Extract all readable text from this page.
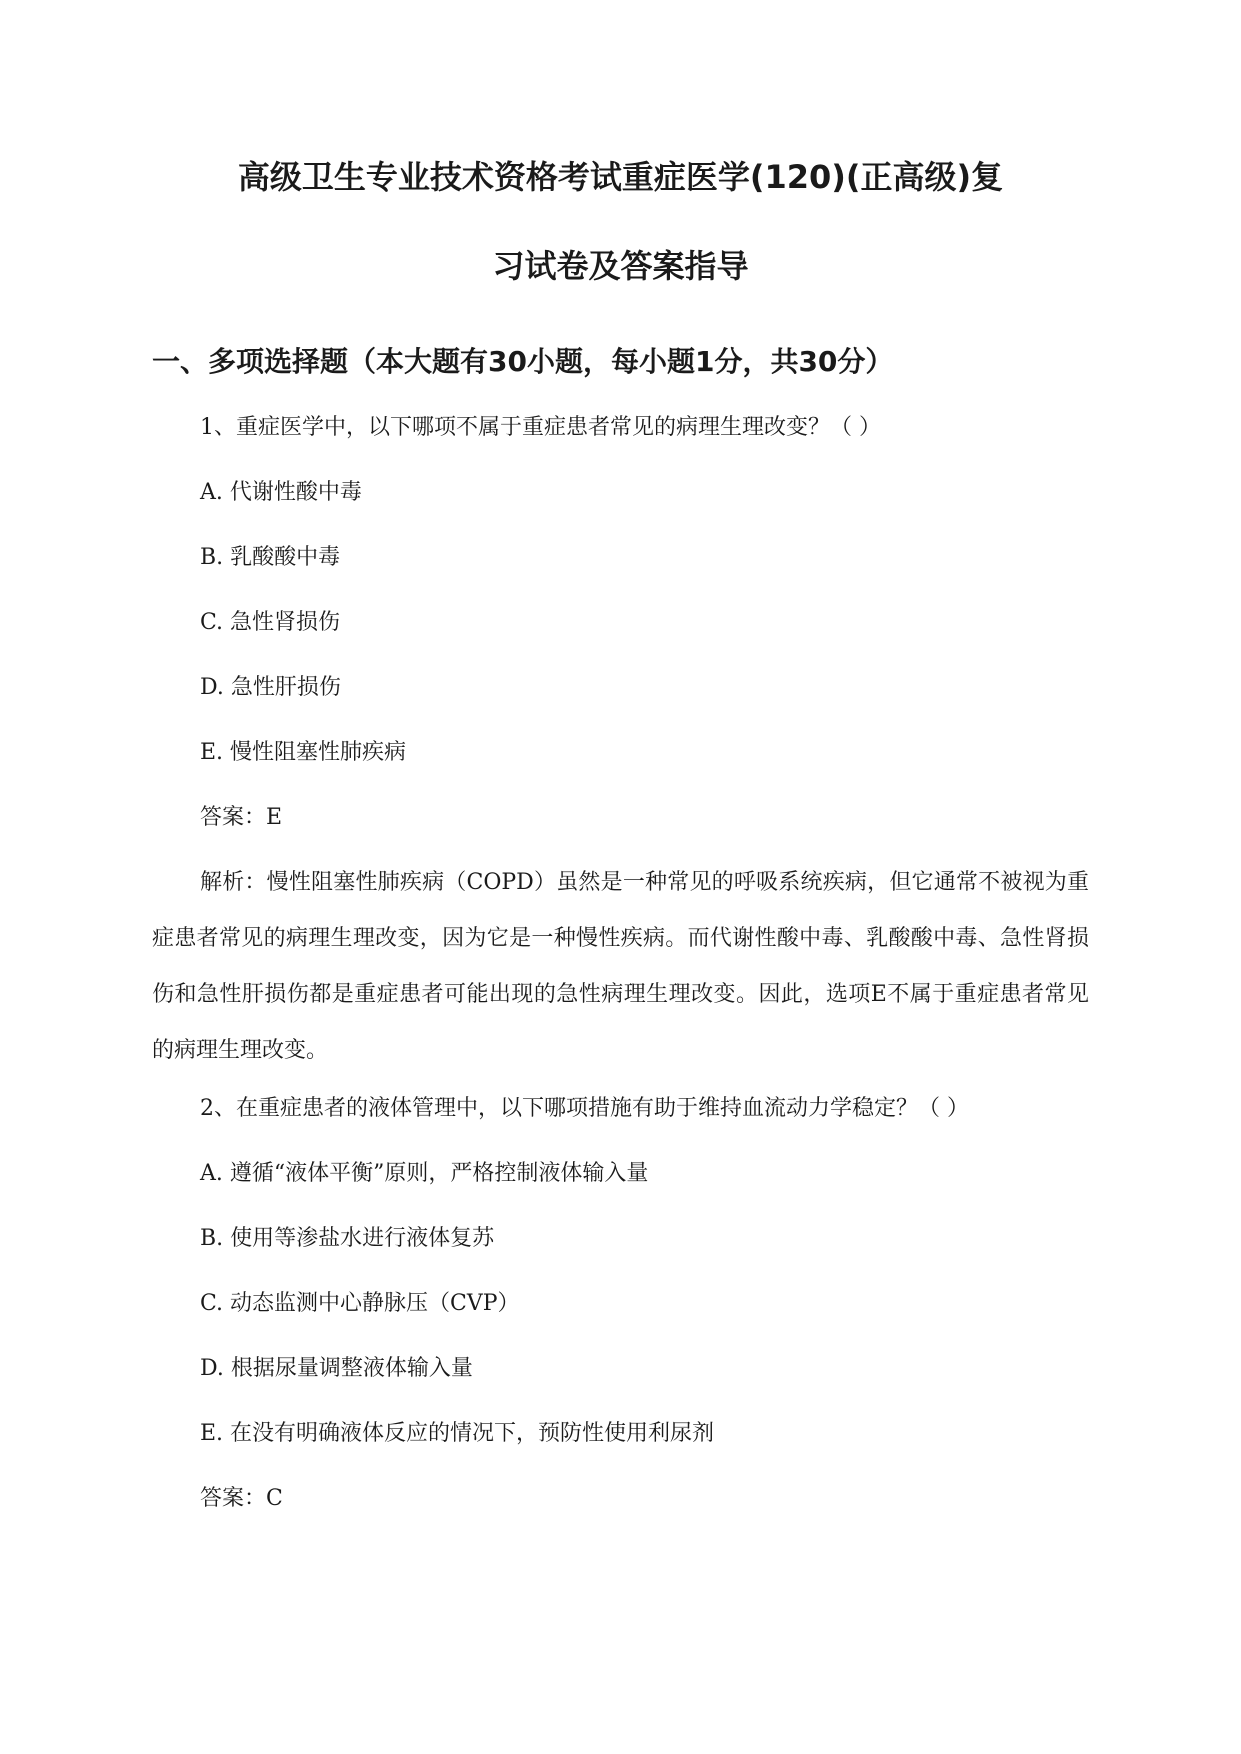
高级卫生专业技术资格考试重症医学(120)(正高级)复
习试卷及答案指导
一、多项选择题（本大题有30小题，每小题1分，共30分）

1、重症医学中，以下哪项不属于重症患者常见的病理生理改变？（ ）

A. 代谢性酸中毒

B. 乳酸酸中毒

C. 急性肾损伤

D. 急性肝损伤

E. 慢性阻塞性肺疾病

答案：E

解析：慢性阻塞性肺疾病（COPD）虽然是一种常见的呼吸系统疾病，但它通常不被视为重症患者常见的病理生理改变，因为它是一种慢性疾病。而代谢性酸中毒、乳酸酸中毒、急性肾损伤和急性肝损伤都是重症患者可能出现的急性病理生理改变。因此，选项E不属于重症患者常见的病理生理改变。

2、在重症患者的液体管理中，以下哪项措施有助于维持血流动力学稳定？（ ）

A. 遵循“液体平衡”原则，严格控制液体输入量

B. 使用等渗盐水进行液体复苏

C. 动态监测中心静脉压（CVP）

D. 根据尿量调整液体输入量

E. 在没有明确液体反应的情况下，预防性使用利尿剂

答案：C
